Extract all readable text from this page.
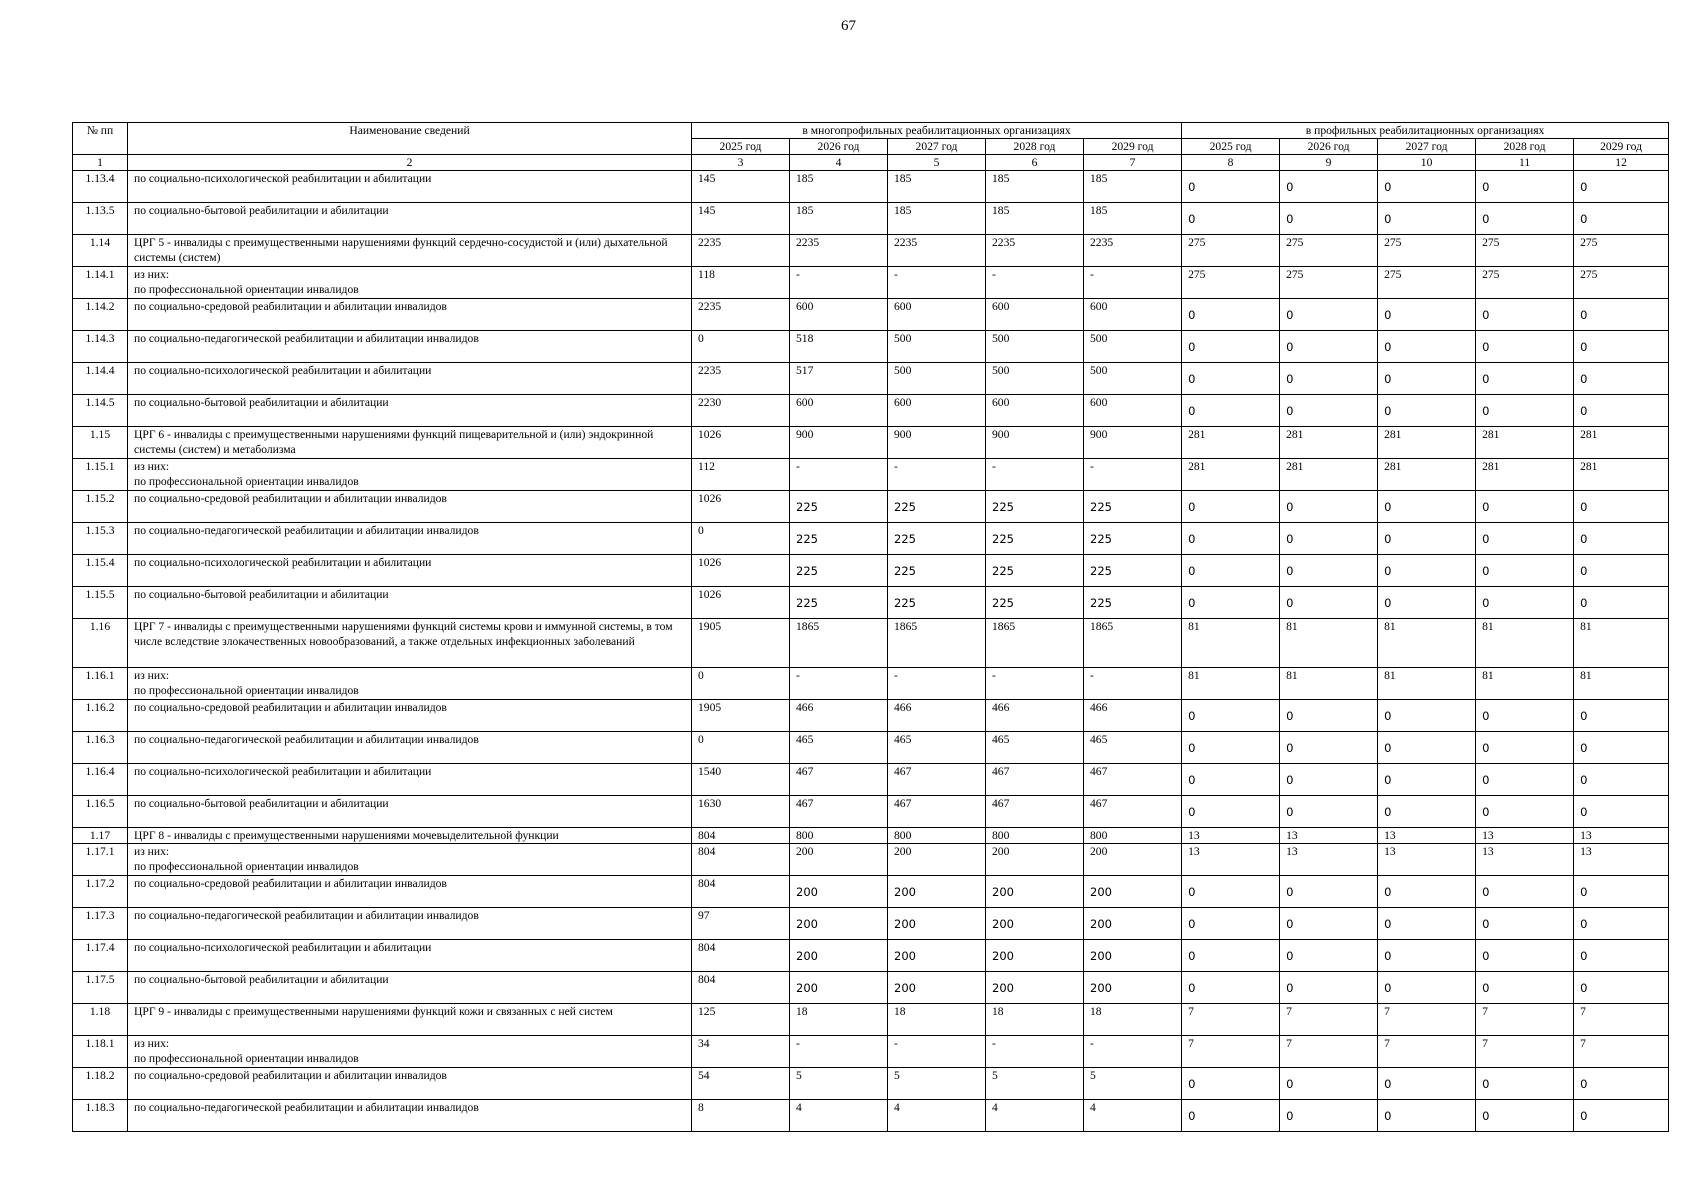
67
№ пп	Наименование сведений	в многопрофильных реабилитационных организациях					в профильных реабилитационных организациях				
		2025 год	2026 год	2027 год	2028 год	2029 год	2025 год	2026 год	2027 год	2028 год	2029 год
1	2	3	4	5	6	7	8	9	10	11	12
1.13.4	по социально-психологической реабилитации и абилитации	145	185	185	185	185	0	0	0	0	0
1.13.5	по социально-бытовой реабилитации и абилитации	145	185	185	185	185	0	0	0	0	0
1.14	ЦРГ 5 - инвалиды с преимущественными нарушениями функций сердечно-сосудистой и (или) дыхательной системы (систем)	2235	2235	2235	2235	2235	275	275	275	275	275
1.14.1	из них:
по профессиональной ориентации инвалидов	118	-	-	-	-	275	275	275	275	275
1.14.2	по социально-средовой реабилитации и абилитации инвалидов	2235	600	600	600	600	0	0	0	0	0
1.14.3	по социально-педагогической реабилитации и абилитации инвалидов	0	518	500	500	500	0	0	0	0	0
1.14.4	по социально-психологической реабилитации и абилитации	2235	517	500	500	500	0	0	0	0	0
1.14.5	по социально-бытовой реабилитации и абилитации	2230	600	600	600	600	0	0	0	0	0
1.15	ЦРГ 6 - инвалиды с преимущественными нарушениями функций пищеварительной и (или) эндокринной системы (систем) и метаболизма	1026	900	900	900	900	281	281	281	281	281
1.15.1	из них:
по профессиональной ориентации инвалидов	112	-	-	-	-	281	281	281	281	281
1.15.2	по социально-средовой реабилитации и абилитации инвалидов	1026	225	225	225	225	0	0	0	0	0
1.15.3	по социально-педагогической реабилитации и абилитации инвалидов	0	225	225	225	225	0	0	0	0	0
1.15.4	по социально-психологической реабилитации и абилитации	1026	225	225	225	225	0	0	0	0	0
1.15.5	по социально-бытовой реабилитации и абилитации	1026	225	225	225	225	0	0	0	0	0
1.16	ЦРГ 7 - инвалиды с преимущественными нарушениями функций системы крови и иммунной системы, в том числе вследствие злокачественных новообразований, а также отдельных инфекционных заболеваний	1905	1865	1865	1865	1865	81	81	81	81	81
1.16.1	из них:
по профессиональной ориентации инвалидов	0	-	-	-	-	81	81	81	81	81
1.16.2	по социально-средовой реабилитации и абилитации инвалидов	1905	466	466	466	466	0	0	0	0	0
1.16.3	по социально-педагогической реабилитации и абилитации инвалидов	0	465	465	465	465	0	0	0	0	0
1.16.4	по социально-психологической реабилитации и абилитации	1540	467	467	467	467	0	0	0	0	0
1.16.5	по социально-бытовой реабилитации и абилитации	1630	467	467	467	467	0	0	0	0	0
1.17	ЦРГ 8 - инвалиды с преимущественными нарушениями мочевыделительной функции	804	800	800	800	800	13	13	13	13	13
1.17.1	из них:
по профессиональной ориентации инвалидов	804	200	200	200	200	13	13	13	13	13
1.17.2	по социально-средовой реабилитации и абилитации инвалидов	804	200	200	200	200	0	0	0	0	0
1.17.3	по социально-педагогической реабилитации и абилитации инвалидов	97	200	200	200	200	0	0	0	0	0
1.17.4	по социально-психологической реабилитации и абилитации	804	200	200	200	200	0	0	0	0	0
1.17.5	по социально-бытовой реабилитации и абилитации	804	200	200	200	200	0	0	0	0	0
1.18	ЦРГ 9 - инвалиды с преимущественными нарушениями функций кожи и связанных с ней систем	125	18	18	18	18	7	7	7	7	7
1.18.1	из них:
по профессиональной ориентации инвалидов	34	-	-	-	-	7	7	7	7	7
1.18.2	по социально-средовой реабилитации и абилитации инвалидов	54	5	5	5	5	0	0	0	0	0
1.18.3	по социально-педагогической реабилитации и абилитации инвалидов	8	4	4	4	4	0	0	0	0	0
